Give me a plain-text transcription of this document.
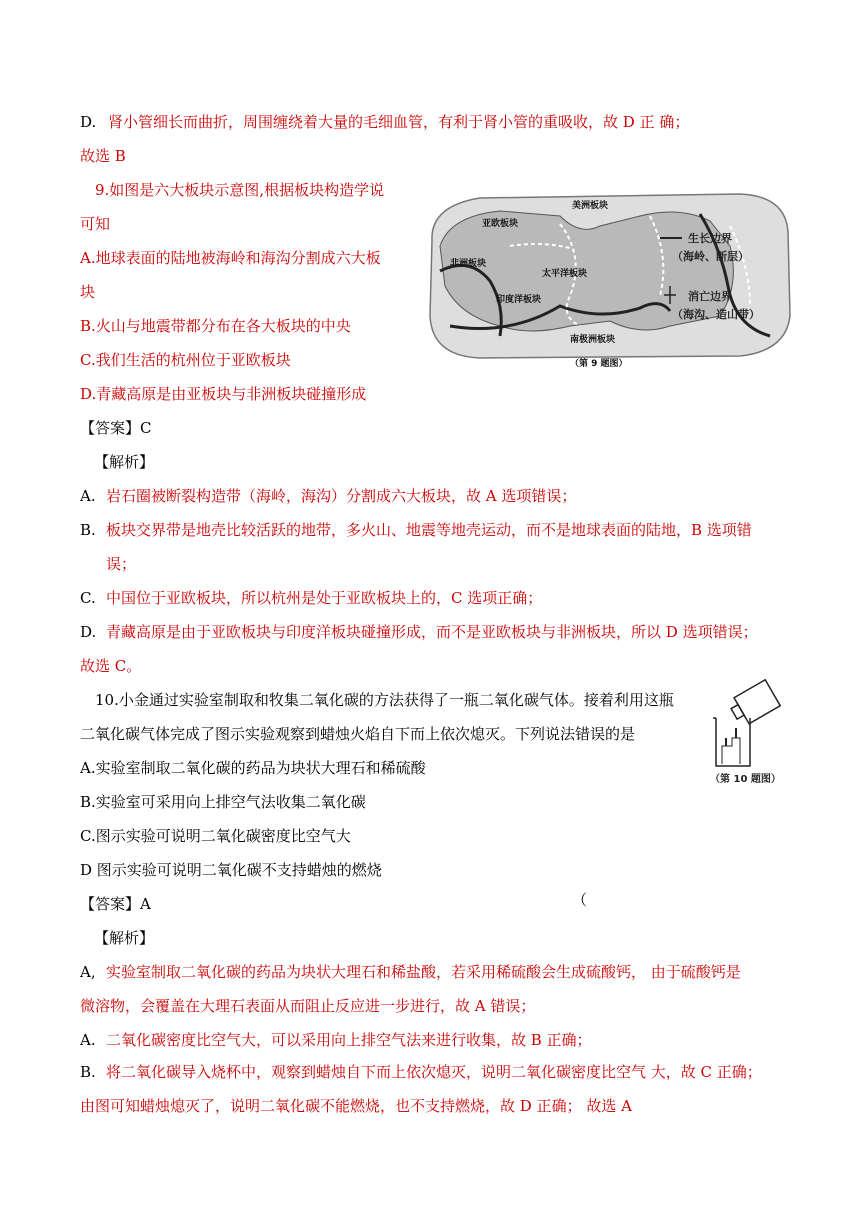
D. 肾小管细长而曲折，周围缠绕着大量的毛细血管，有利于肾小管的重吸收，故 D 正 确；
故选 B
9.如图是六大板块示意图,根据板块构造学说
可知
A.地球表面的陆地被海岭和海沟分割成六大板
块
B.火山与地震带都分布在各大板块的中央
C.我们生活的杭州位于亚欧板块
D.青藏高原是由亚板块与非洲板块碰撞形成
亚欧板块
美洲板块
非洲板块
太平洋板块
印度洋板块
南极洲板块
（第 9 题图）
生长边界
（海岭、断层）
消亡边界
（海沟、造山带）
【答案】C
【解析】
A. 岩石圈被断裂构造带（海岭，海沟）分割成六大板块，故 A 选项错误；
B. 板块交界带是地壳比较活跃的地带，多火山、地震等地壳运动，而不是地球表面的陆地，B 选项错
误；
C. 中国位于亚欧板块，所以杭州是处于亚欧板块上的，C 选项正确；
D. 青藏高原是由于亚欧板块与印度洋板块碰撞形成，而不是亚欧板块与非洲板块，所以 D 选项错误；
故选 C。
10.小金通过实验室制取和牧集二氧化碳的方法获得了一瓶二氧化碳气体。接着利用这瓶
二氧化碳气体完成了图示实验观察到蜡烛火焰自下而上依次熄灭。下列说法错误的是
A.实验室制取二氧化碳的药品为块状大理石和稀硫酸
B.实验室可采用向上排空气法收集二氧化碳
C.图示实验可说明二氧化碳密度比空气大
D 图示实验可说明二氧化碳不支持蜡烛的燃烧
（第 10 题图）
【答案】A	（
【解析】
A, 实验室制取二氧化碳的药品为块状大理石和稀盐酸，若采用稀硫酸会生成硫酸钙， 由于硫酸钙是
微溶物，会覆盖在大理石表面从而阻止反应进一步进行，故 A 错误；
A. 二氧化碳密度比空气大，可以采用向上排空气法来进行收集，故 B 正确；
B. 将二氧化碳导入烧杯中，观察到蜡烛自下而上依次熄灭，说明二氧化碳密度比空气 大，故 C 正确；
由图可知蜡烛熄灭了，说明二氧化碳不能燃烧，也不支持燃烧，故 D 正确； 故选 A
